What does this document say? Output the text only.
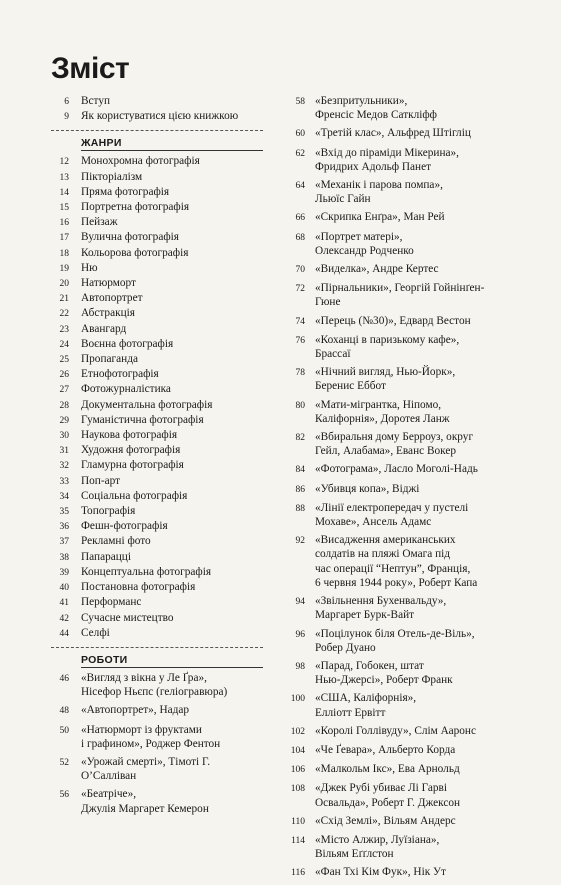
Зміст
6	Вступ
9	Як користуватися цією книжкою
ЖАНРИ
12	Монохромна фотографія
13	Пікторіалізм
14	Пряма фотографія
15	Портретна фотографія
16	Пейзаж
17	Вулична фотографія
18	Кольорова фотографія
19	Ню
20	Натюрморт
21	Автопортрет
22	Абстракція
23	Авангард
24	Воєнна фотографія
25	Пропаганда
26	Етнофотографія
27	Фотожурналістика
28	Документальна фотографія
29	Гуманістична фотографія
30	Наукова фотографія
31	Художня фотографія
32	Гламурна фотографія
33	Поп-арт
34	Соціальна фотографія
35	Топографія
36	Фешн-фотографія
37	Рекламні фото
38	Папарацці
39	Концептуальна фотографія
40	Постановна фотографія
41	Перформанс
42	Сучасне мистецтво
44	Селфі
РОБОТИ
46	«Вигляд з вікна у Ле Ґра»,
Нісефор Ньєпс (геліогравюра)
48	«Автопортрет», Надар
50	«Натюрморт із фруктами
і графином», Роджер Фентон
52	«Урожай смерті», Тімоті Г. О’Салліван
56	«Беатріче»,
Джулія Маргарет Кемерон
58 «Безпритульники»,
Френсіс Медов Саткліфф
60 «Третій клас», Альфред Штігліц
62 «Вхід до піраміди Мікерина»,
Фридрих Адольф Панет
64 «Механік і парова помпа»,
Льюїс Гайн
66 «Скрипка Енґра», Ман Рей
68 «Портрет матері»,
Олександр Родченко
70 «Виделка», Андре Кертес
72 «Пірнальники», Георгій Гойнінґен-
Гюне
74 «Перець (№30)», Едвард Вестон
76 «Коханці в паризькому кафе»,
Брассаї
78 «Нічний вигляд, Нью-Йорк»,
Беренис Еббот
80 «Мати-мігрантка, Ніпомо,
Каліфорнія», Доротея Ланж
82 «Вбиральня дому Берроуз, округ
Гейл, Алабама», Еванс Вокер
84 «Фотограма», Ласло Моголі-Надь
86 «Убивця копа», Віджі
88 «Лінії електропередач у пустелі
Мохаве», Ансель Адамс
92 «Висадження американських
солдатів на пляжі Омага під
час операції “Нептун”, Франція,
6 червня 1944 року», Роберт Капа
94 «Звільнення Бухенвальду»,
Маргарет Бурк-Вайт
96 «Поцілунок біля Отель-де-Віль»,
Робер Дуано
98 «Парад, Гобокен, штат
Нью-Джерсі», Роберт Франк
100 «США, Каліфорнія»,
Елліотт Ервітт
102 «Королі Голлівуду», Слім Ааронс
104 «Че Ґевара», Альберто Корда
106 «Малкольм Ікс», Ева Арнольд
108 «Джек Рубі убиває Лі Гарві
Освальда», Роберт Г. Джексон
110 «Схід Землі», Вільям Андерс
114 «Місто Алжир, Луїзіана»,
Вільям Еґґлстон
116 «Фан Тхі Кім Фук», Нік Ут
